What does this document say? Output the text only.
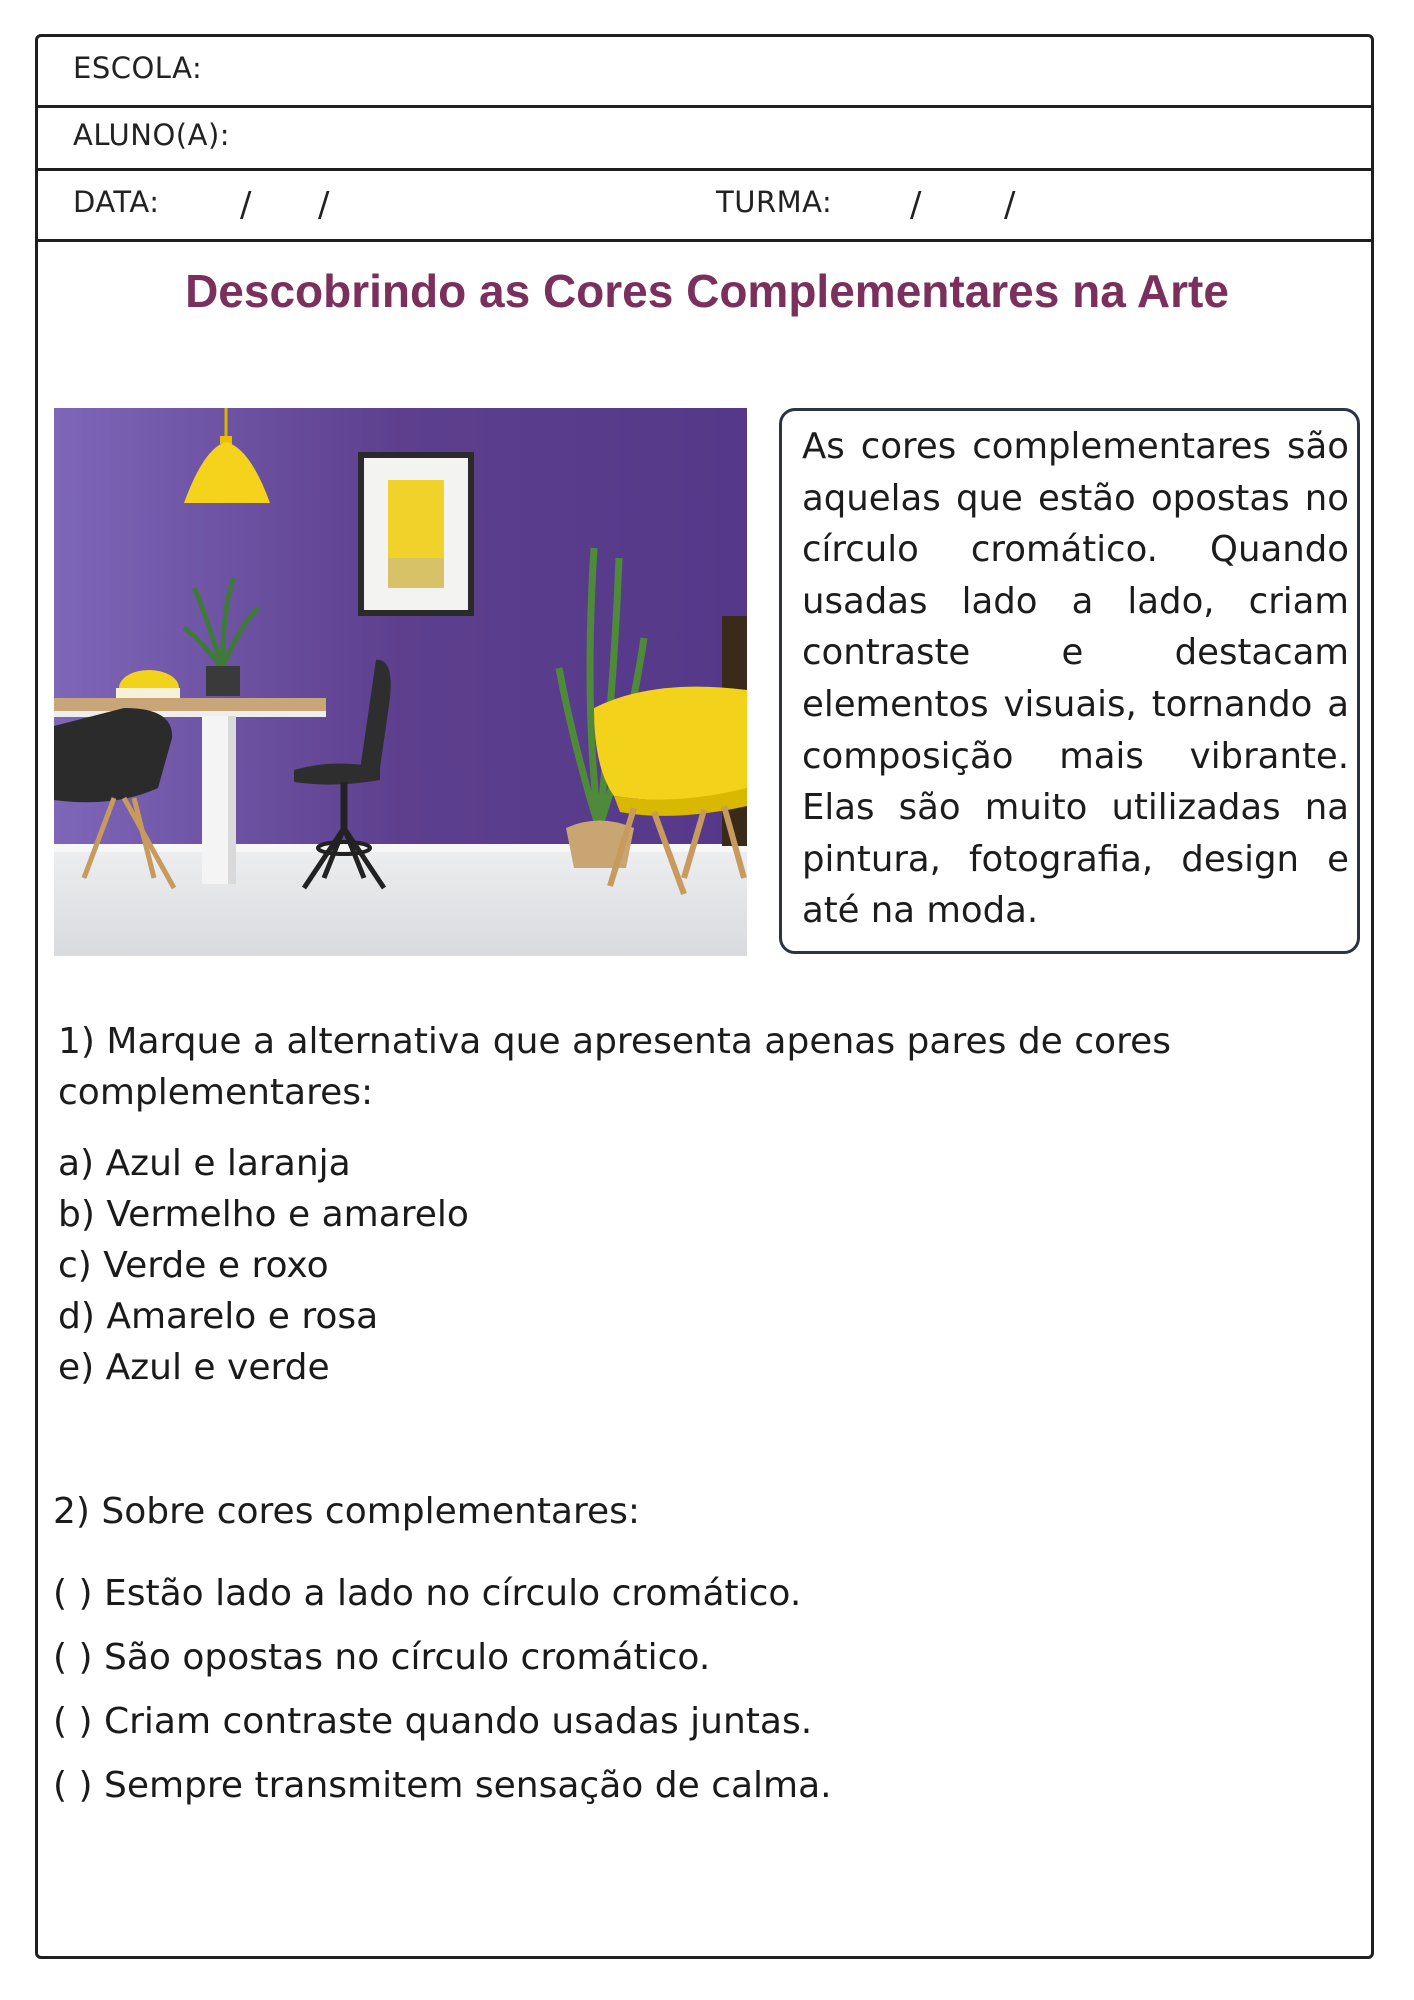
ESCOLA:
ALUNO(A):
DATA: / /	TURMA: / /
Descobrindo as Cores Complementares na Arte
As cores complementares são aquelas que estão opostas no círculo cromático. Quando usadas lado a lado, criam contraste e destacam elementos visuais, tornando a composição mais vibrante. Elas são muito utilizadas na pintura, fotografia, design e até na moda.
1) Marque a alternativa que apresenta apenas pares de cores complementares:
a) Azul e laranja
b) Vermelho e amarelo
c) Verde e roxo
d) Amarelo e rosa
e) Azul e verde
2) Sobre cores complementares:
( ) Estão lado a lado no círculo cromático.
( ) São opostas no círculo cromático.
( ) Criam contraste quando usadas juntas.
( ) Sempre transmitem sensação de calma.
